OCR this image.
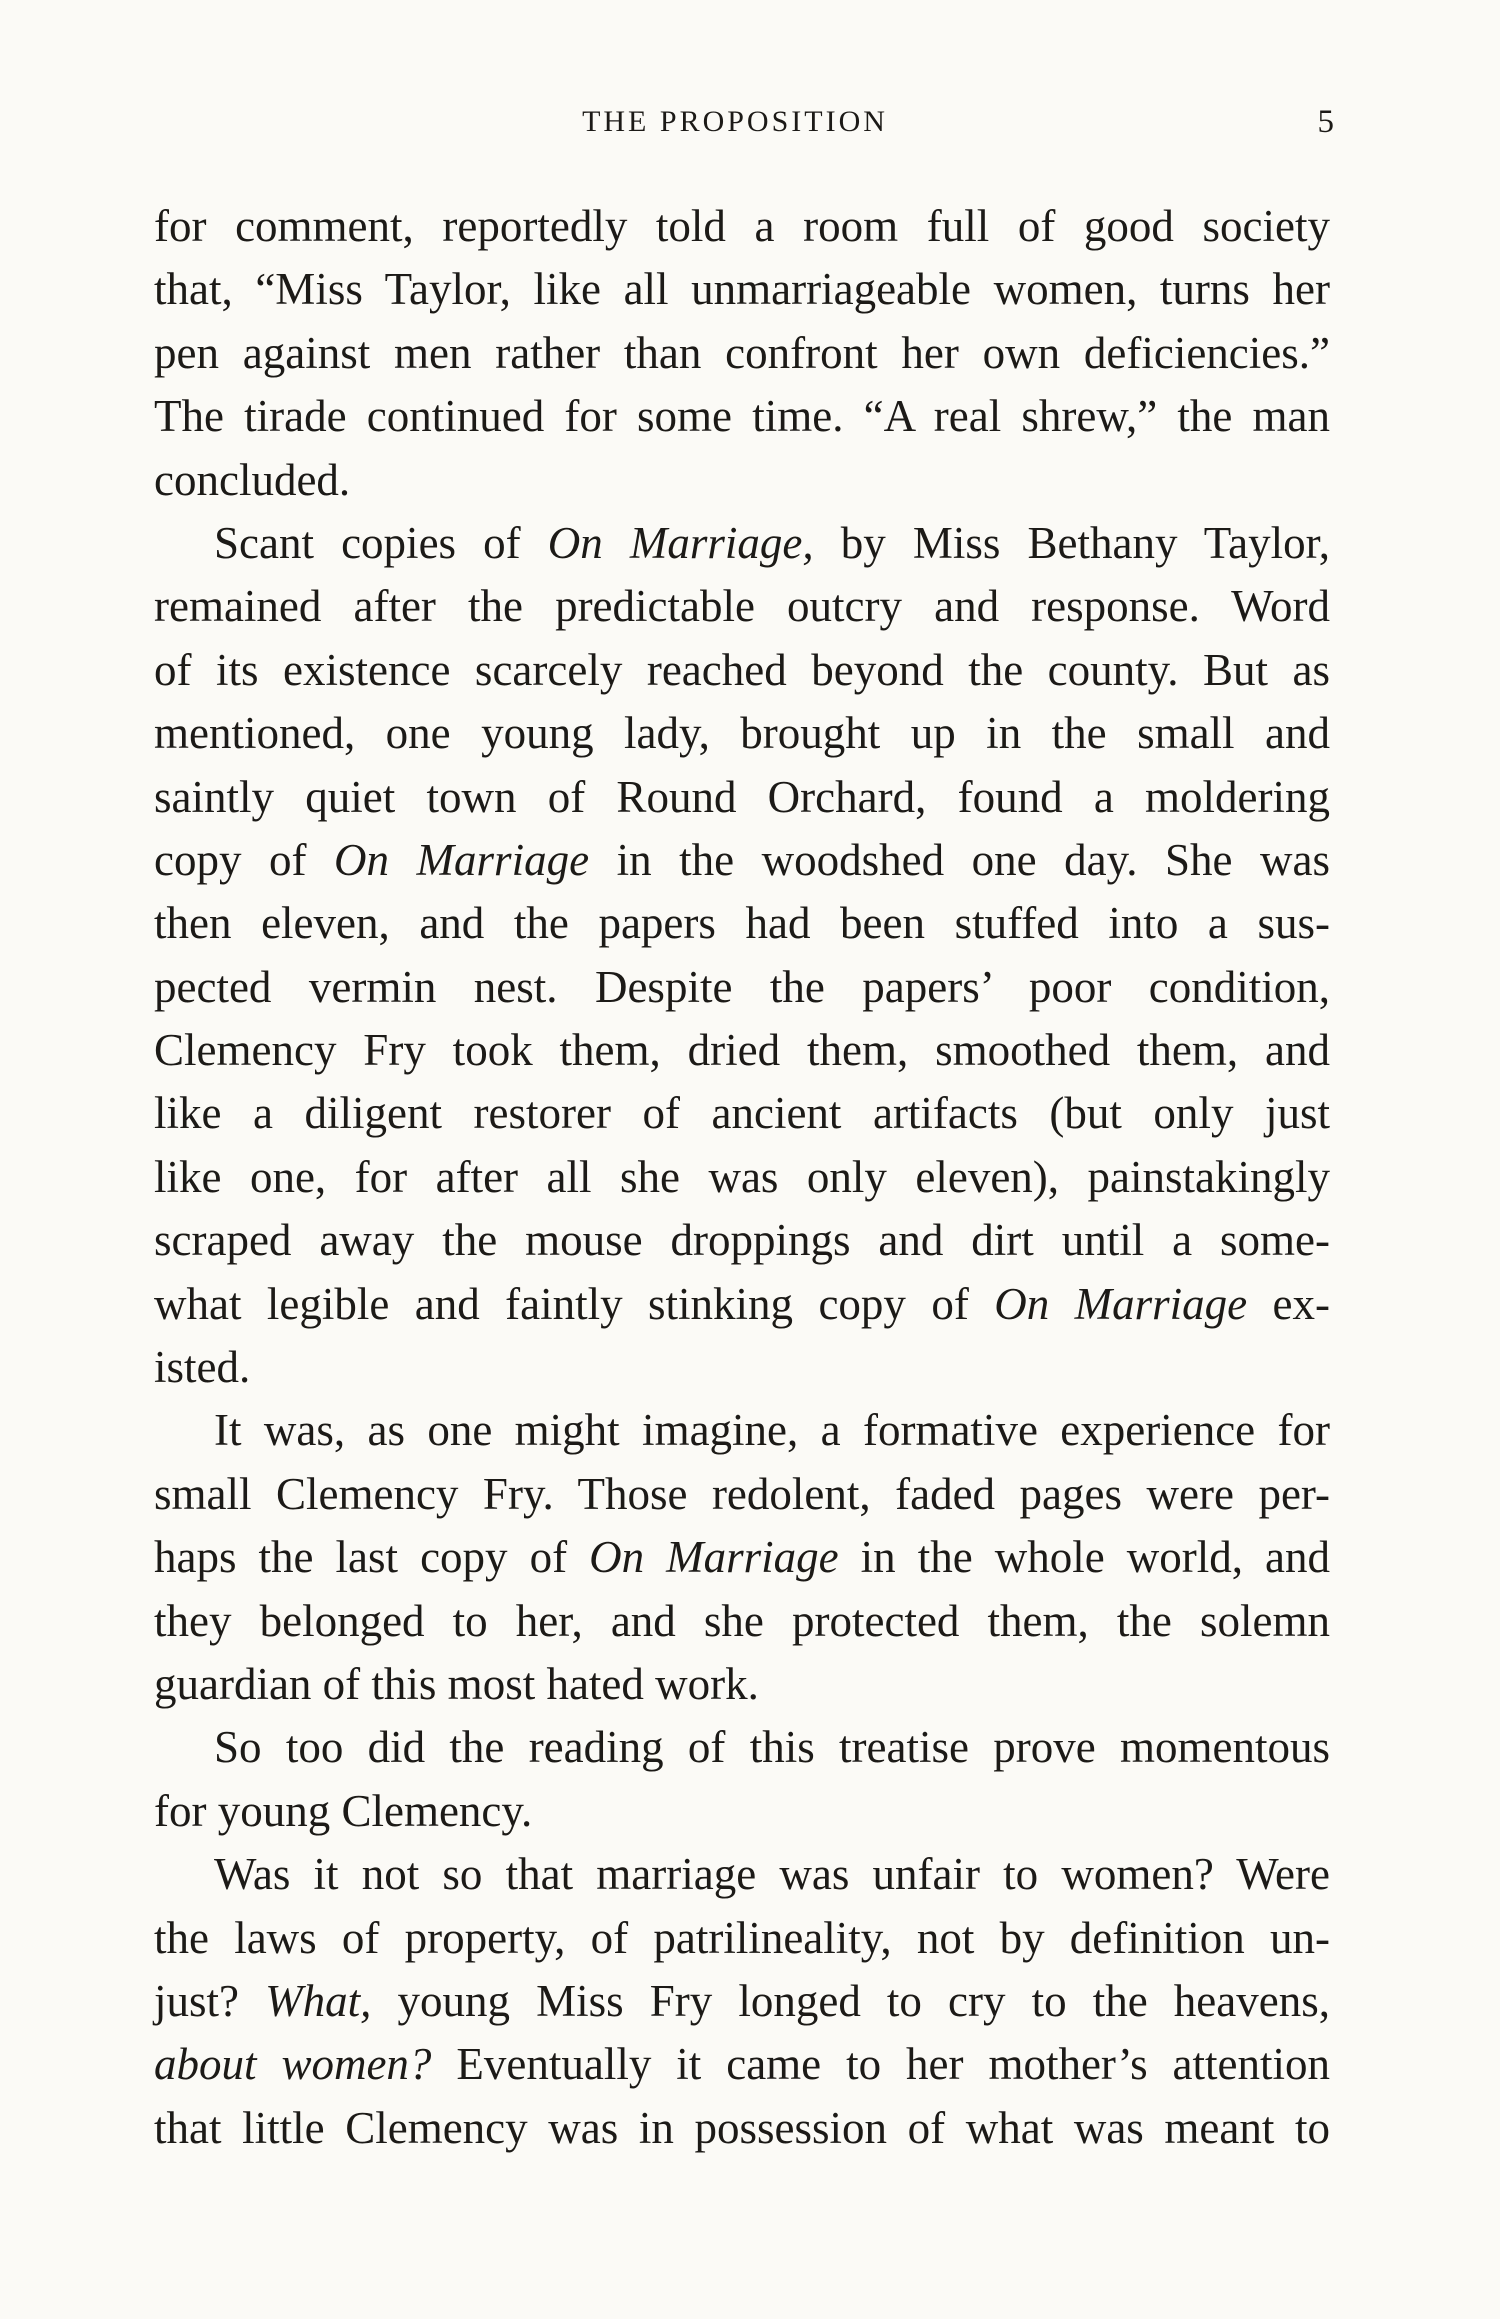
THE PROPOSITION	5
for comment, reportedly told a room full of good society
that, “Miss Taylor, like all unmarriageable women, turns her
pen against men rather than confront her own deficiencies.”
The tirade continued for some time. “A real shrew,” the man
concluded.
Scant copies of On Marriage, by Miss Bethany Taylor,
remained after the predictable outcry and response. Word
of its existence scarcely reached beyond the county. But as
mentioned, one young lady, brought up in the small and
saintly quiet town of Round Orchard, found a moldering
copy of On Marriage in the woodshed one day. She was
then eleven, and the papers had been stuffed into a sus-
pected vermin nest. Despite the papers’ poor condition,
Clemency Fry took them, dried them, smoothed them, and
like a diligent restorer of ancient artifacts (but only just
like one, for after all she was only eleven), painstakingly
scraped away the mouse droppings and dirt until a some-
what legible and faintly stinking copy of On Marriage ex-
isted.
It was, as one might imagine, a formative experience for
small Clemency Fry. Those redolent, faded pages were per-
haps the last copy of On Marriage in the whole world, and
they belonged to her, and she protected them, the solemn
guardian of this most hated work.
So too did the reading of this treatise prove momentous
for young Clemency.
Was it not so that marriage was unfair to women? Were
the laws of property, of patrilineality, not by definition un-
just? What, young Miss Fry longed to cry to the heavens,
about women? Eventually it came to her mother’s attention
that little Clemency was in possession of what was meant to
